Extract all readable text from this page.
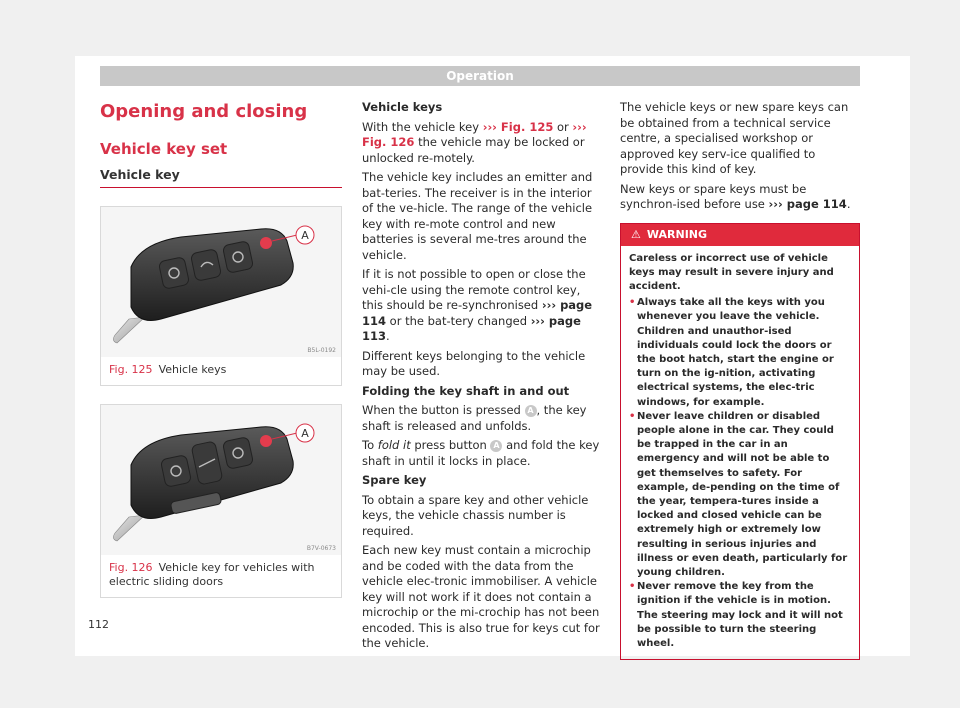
Operation
Opening and closing
Vehicle key set
Vehicle key
A
B5L-0192
Fig. 125 Vehicle keys
A
B7V-0673
Fig. 126 Vehicle key for vehicles with electric sliding doors
Vehicle keys
With the vehicle key ››› Fig. 125 or ››› Fig. 126 the vehicle may be locked or unlocked re-motely.
The vehicle key includes an emitter and bat-teries. The receiver is in the interior of the ve-hicle. The range of the vehicle key with re-mote control and new batteries is several me-tres around the vehicle.
If it is not possible to open or close the vehi-cle using the remote control key, this should be re-synchronised ››› page 114 or the bat-tery changed ››› page 113.
Different keys belonging to the vehicle may be used.
Folding the key shaft in and out
When the button is pressed A , the key shaft is released and unfolds.
To fold it press button A and fold the key shaft in until it locks in place.
Spare key
To obtain a spare key and other vehicle keys, the vehicle chassis number is required.
Each new key must contain a microchip and be coded with the data from the vehicle elec-tronic immobiliser. A vehicle key will not work if it does not contain a microchip or the mi-crochip has not been encoded. This is also true for keys cut for the vehicle.
The vehicle keys or new spare keys can be obtained from a technical service centre, a specialised workshop or approved key serv-ice qualified to provide this kind of key.
New keys or spare keys must be synchron-ised before use ››› page 114.
⚠ WARNING
Careless or incorrect use of vehicle keys may result in severe injury and accident.
• Always take all the keys with you whenever you leave the vehicle. Children and unauthor-ised individuals could lock the doors or the boot hatch, start the engine or turn on the ig-nition, activating electrical systems, the elec-tric windows, for example.
• Never leave children or disabled people alone in the car. They could be trapped in the car in an emergency and will not be able to get themselves to safety. For example, de-pending on the time of the year, tempera-tures inside a locked and closed vehicle can be extremely high or extremely low resulting in serious injuries and illness or even death, particularly for young children.
• Never remove the key from the ignition if the vehicle is in motion. The steering may lock and it will not be possible to turn the steering wheel.
112
